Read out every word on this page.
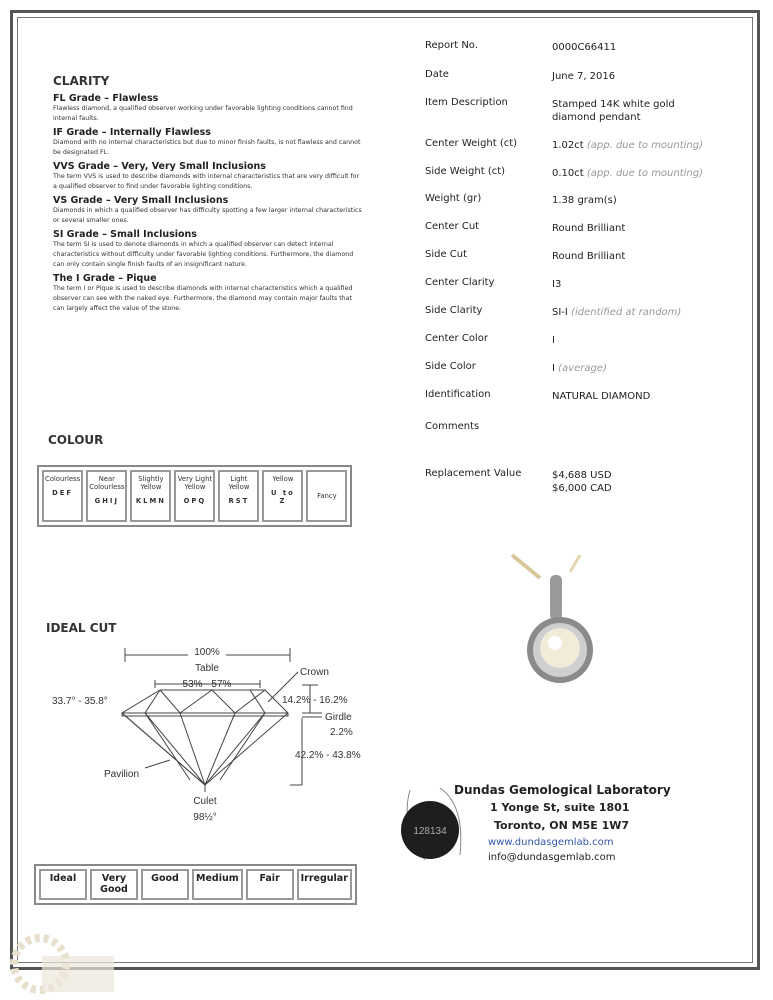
CLARITY
FL Grade – Flawless
Flawless diamond, a qualified observer working under favorable lighting conditions cannot find internal faults.
IF Grade – Internally Flawless
Diamond with no internal characteristics but due to minor finish faults, is not flawless and cannot be designated FL.
VVS Grade – Very, Very Small Inclusions
The term VVS is used to describe diamonds with internal characteristics that are very difficult for a qualified observer to find under favorable lighting conditions.
VS Grade – Very Small Inclusions
Diamonds in which a qualified observer has difficulty spotting a few larger internal characteristics or several smaller ones.
SI Grade – Small Inclusions
The term SI is used to denote diamonds in which a qualified observer can detect internal characteristics without difficulty under favorable lighting conditions. Furthermore, the diamond can only contain single finish faults of an insignificant nature.
The I Grade – Pique
The term I or Pique is used to describe diamonds with internal characteristics which a qualified observer can see with the naked eye. Furthermore, the diamond may contain major faults that can largely affect the value of the stone.
COLOUR
Colourless
DEF
	Near Colourless
GHIJ
	Slightly Yellow
KLMN
	Very Light Yellow
OPQ
	Light Yellow
RST
	Yellow
U to Z
	Fancy
IDEAL CUT
100%
Table
53% - 57%
Crown
33.7° - 35.8°	14.2% - 16.2%
Girdle
2.2%
42.2% - 43.8%
Pavilion
Culet
98½°
Ideal	Very Good	Good	Medium	Fair	Irregular
Report No.	0000C66411
Date	June 7, 2016
Item Description	Stamped 14K white gold diamond pendant
Center Weight (ct)	1.02ct (app. due to mounting)
Side Weight (ct)	0.10ct (app. due to mounting)
Weight (gr)	1.38 gram(s)
Center Cut	Round Brilliant
Side Cut	Round Brilliant
Center Clarity	I3
Side Clarity	SI-I (identified at random)
Center Color	I
Side Color	I (average)
Identification	NATURAL DIAMOND
Comments
Replacement Value	$4,688 USD
$6,000 CAD
128134
Dundas Gemological Laboratory
1 Yonge St, suite 1801
Toronto, ON M5E 1W7
www.dundasgemlab.com
info@dundasgemlab.com
